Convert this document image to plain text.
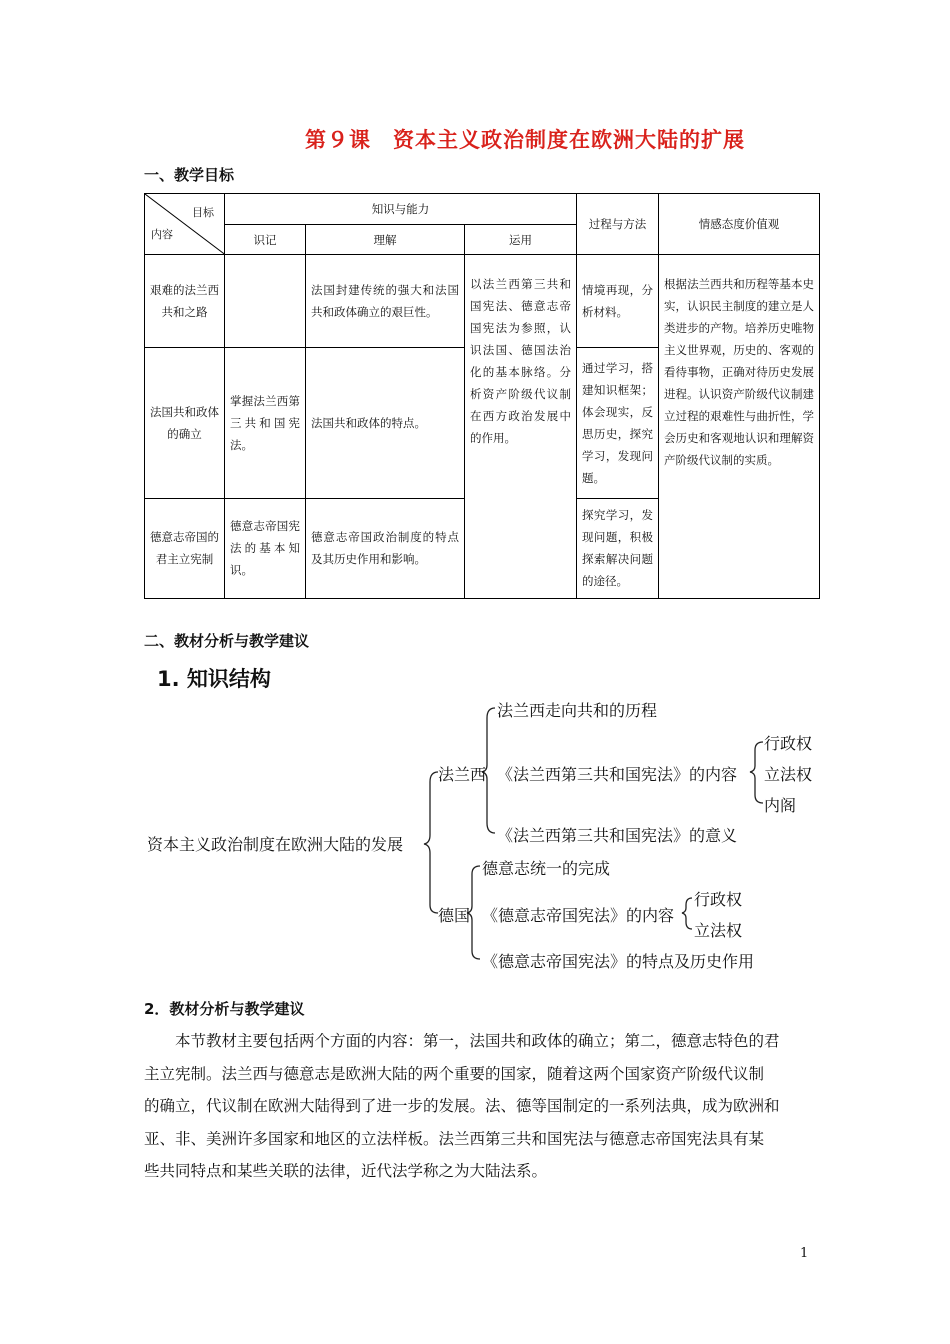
第９课　资本主义政治制度在欧洲大陆的扩展
一、教学目标
目标
内容	知识与能力			过程与方法	情感态度价值观
	识记	理解	运用		
艰难的法兰西共和之路		法国封建传统的强大和法国共和政体确立的艰巨性。	以法兰西第三共和国宪法、德意志帝国宪法为参照，认识法国、德国法治化的基本脉络。分析资产阶级代议制在西方政治发展中的作用。	情境再现，分析材料。	根据法兰西共和历程等基本史实，认识民主制度的建立是人类进步的产物。培养历史唯物主义世界观，历史的、客观的看待事物，正确对待历史发展进程。认识资产阶级代议制建立过程的艰难性与曲折性，学会历史和客观地认识和理解资产阶级代议制的实质。
法国共和政体的确立	掌握法兰西第三共和国宪法。	法国共和政体的特点。		通过学习，搭建知识框架；体会现实，反思历史，探究学习，发现问题。	
德意志帝国的君主立宪制	德意志帝国宪法的基本知识。	德意志帝国政治制度的特点及其历史作用和影响。		探究学习，发现问题，积极探索解决问题的途径。	
二、教材分析与教学建议
1. 知识结构
资本主义政治制度在欧洲大陆的发展
法兰西
法兰西走向共和的历程
《法兰西第三共和国宪法》的内容
《法兰西第三共和国宪法》的意义
行政权
立法权
内阁
德国
德意志统一的完成
《德意志帝国宪法》的内容
《德意志帝国宪法》的特点及历史作用
行政权
立法权
2．教材分析与教学建议
本节教材主要包括两个方面的内容：第一，法国共和政体的确立；第二，德意志特色的君
主立宪制。法兰西与德意志是欧洲大陆的两个重要的国家，随着这两个国家资产阶级代议制
的确立，代议制在欧洲大陆得到了进一步的发展。法、德等国制定的一系列法典，成为欧洲和
亚、非、美洲许多国家和地区的立法样板。法兰西第三共和国宪法与德意志帝国宪法具有某
些共同特点和某些关联的法律，近代法学称之为大陆法系。
1
